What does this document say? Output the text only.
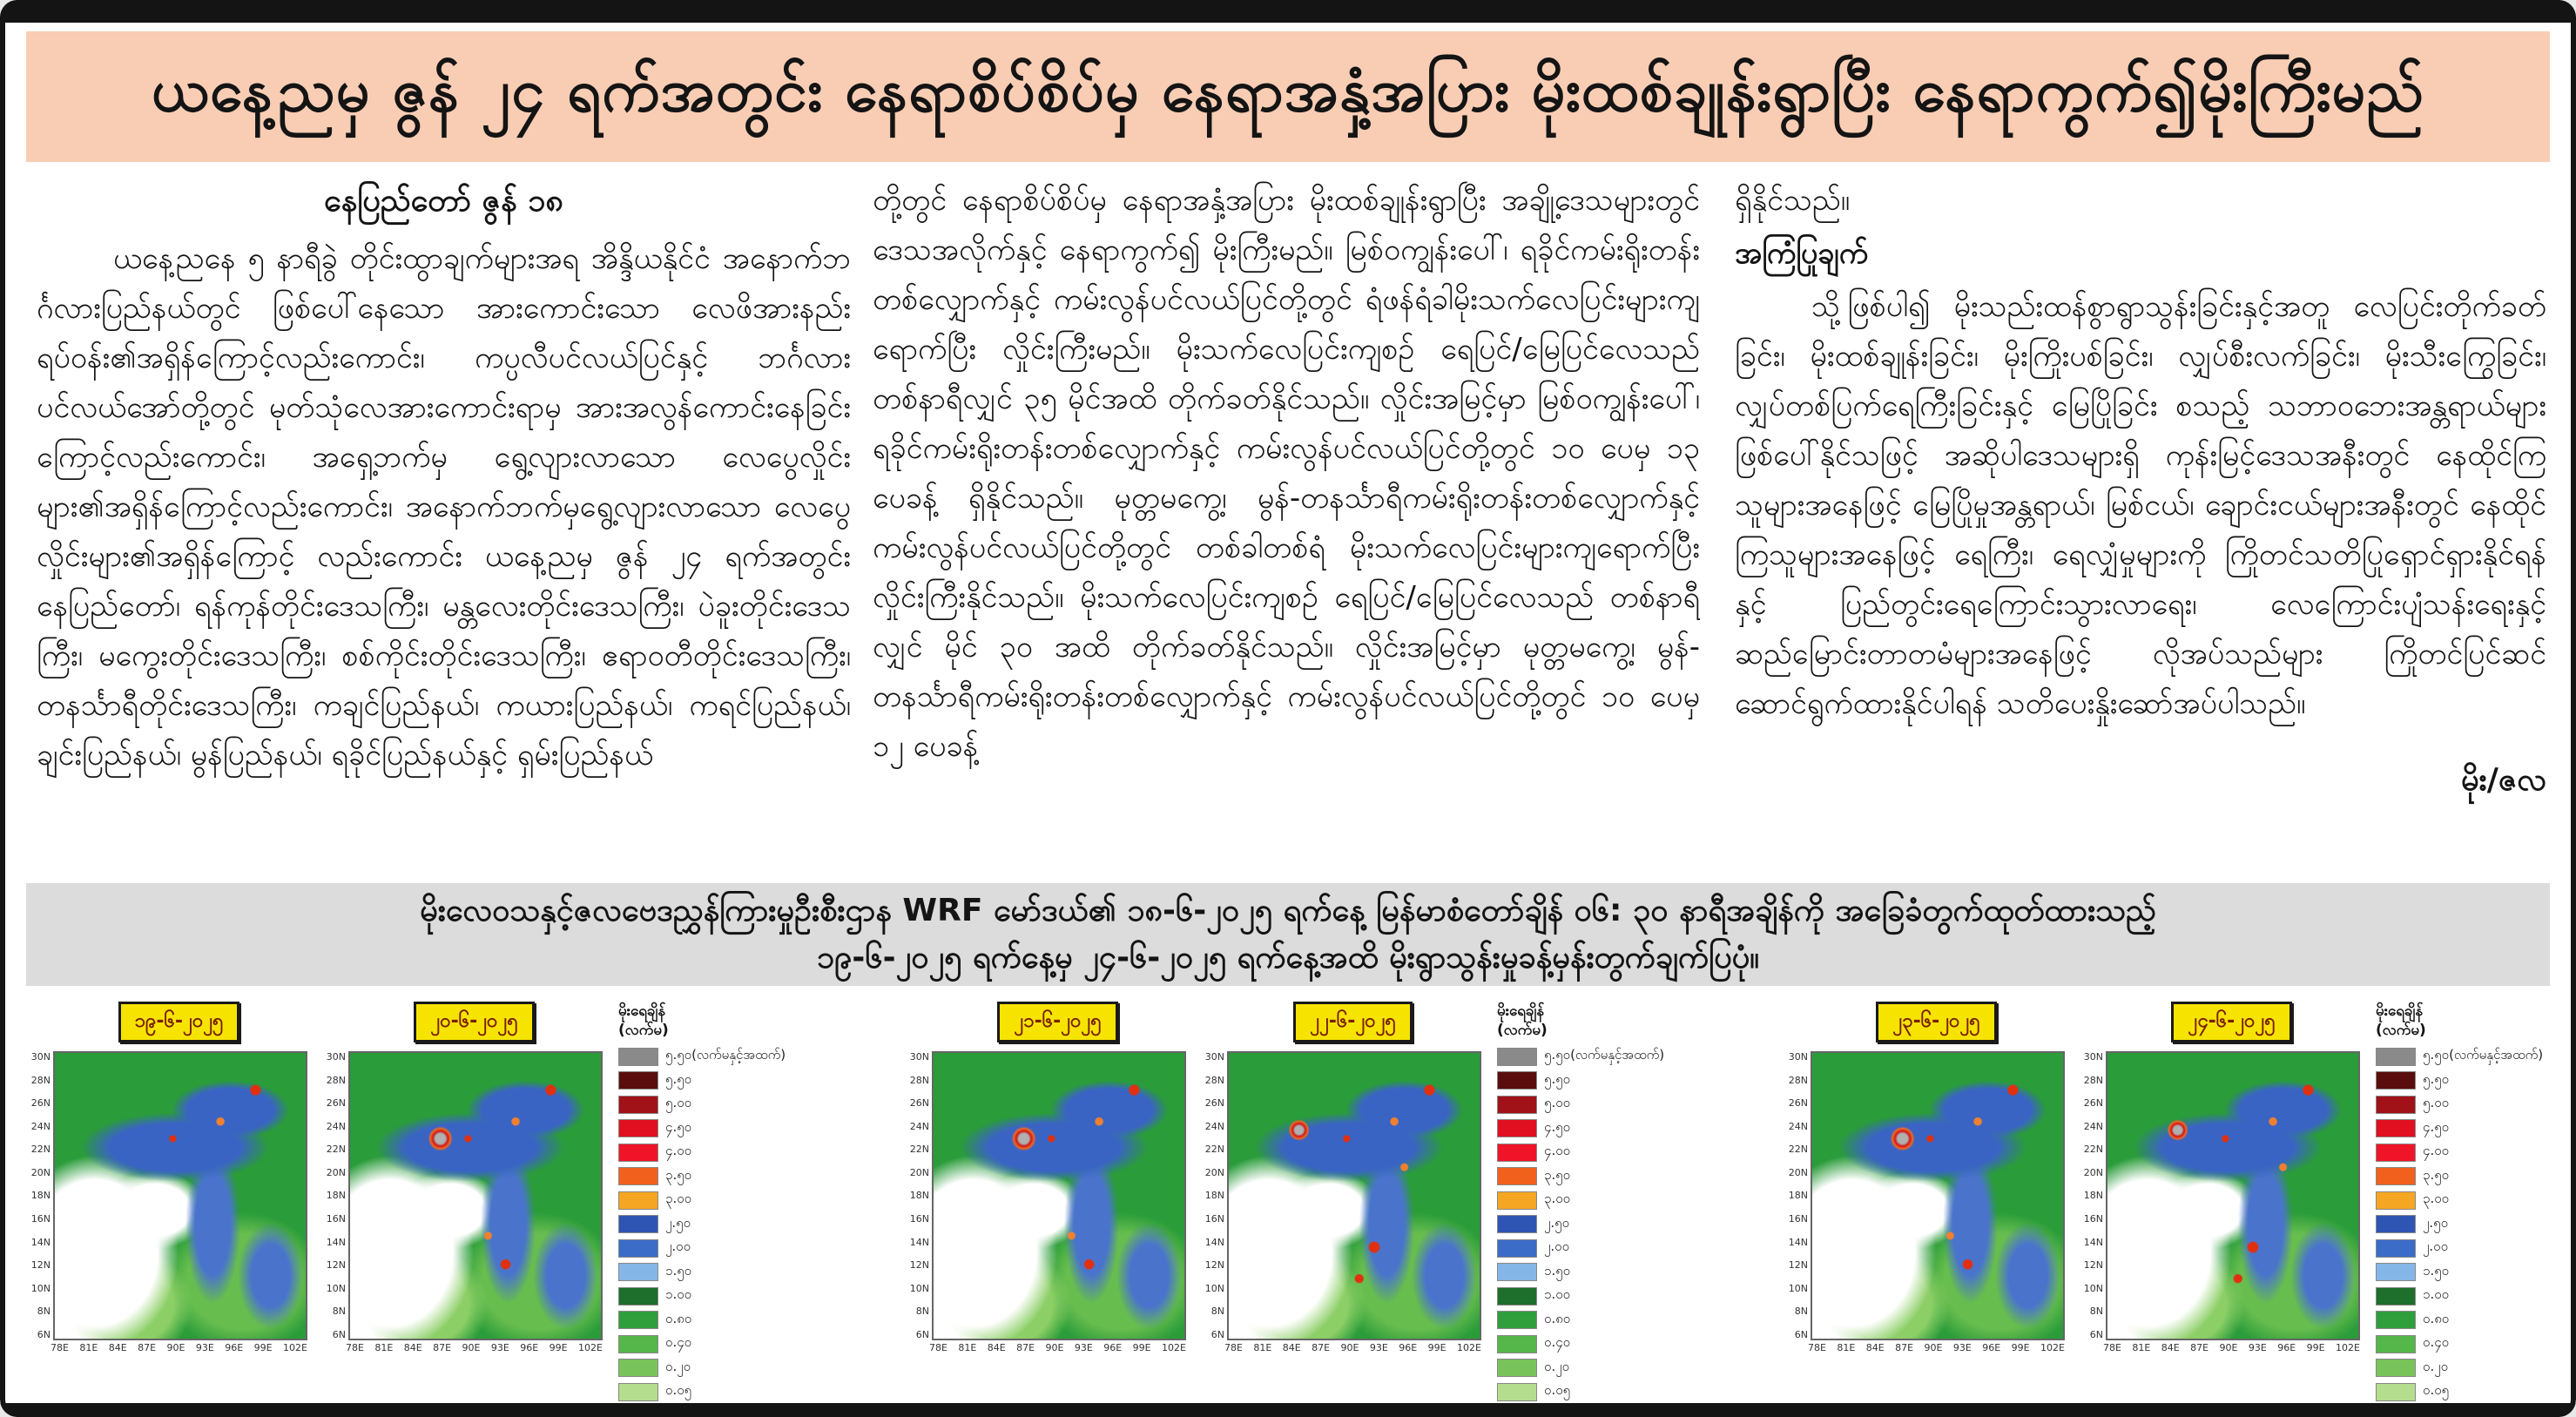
ယနေ့ညမှ ဇွန် ၂၄ ရက်အတွင်း နေရာစိပ်စိပ်မှ နေရာအနှံ့အပြား မိုးထစ်ချုန်းရွာပြီး နေရာကွက်၍မိုးကြီးမည်

နေပြည်တော် ဇွန် ၁၈

ယနေ့ညနေ ၅ နာရီခွဲ တိုင်းထွာချက်များအရ အိန္ဒိယနိုင်ငံ အနောက်ဘင်္ဂလားပြည်နယ်တွင် ဖြစ်ပေါ်နေသော အားကောင်းသော လေဖိအားနည်းရပ်ဝန်း၏အရှိန်ကြောင့်လည်းကောင်း၊ ကပ္ပလီပင်လယ်ပြင်နှင့် ဘင်္ဂလားပင်လယ်အော်တို့တွင် မုတ်သုံလေအားကောင်းရာမှ အားအလွန်ကောင်းနေခြင်းကြောင့်လည်းကောင်း၊ အရှေ့ဘက်မှ ရွေ့လျားလာသော လေပွေလှိုင်းများ၏အရှိန်ကြောင့်လည်းကောင်း၊ အနောက်ဘက်မှရွေ့လျားလာသော လေပွေလှိုင်းများ၏အရှိန်ကြောင့် လည်းကောင်း ယနေ့ညမှ ဇွန် ၂၄ ရက်အတွင်း နေပြည်တော်၊ ရန်ကုန်တိုင်းဒေသကြီး၊ မန္တလေးတိုင်းဒေသကြီး၊ ပဲခူးတိုင်းဒေသကြီး၊ မကွေးတိုင်းဒေသကြီး၊ စစ်ကိုင်းတိုင်းဒေသကြီး၊ ဧရာဝတီတိုင်းဒေသကြီး၊ တနင်္သာရီတိုင်းဒေသကြီး၊ ကချင်ပြည်နယ်၊ ကယားပြည်နယ်၊ ကရင်ပြည်နယ်၊ ချင်းပြည်နယ်၊ မွန်ပြည်နယ်၊ ရခိုင်ပြည်နယ်နှင့် ရှမ်းပြည်နယ်

တို့တွင် နေရာစိပ်စိပ်မှ နေရာအနှံ့အပြား မိုးထစ်ချုန်းရွာပြီး အချို့ဒေသများတွင် ဒေသအလိုက်နှင့် နေရာကွက်၍ မိုးကြီးမည်။ မြစ်ဝကျွန်းပေါ်၊ ရခိုင်ကမ်းရိုးတန်းတစ်လျှောက်နှင့် ကမ်းလွန်ပင်လယ်ပြင်တို့တွင် ရံဖန်ရံခါမိုးသက်လေပြင်းများကျရောက်ပြီး လှိုင်းကြီးမည်။ မိုးသက်လေပြင်းကျစဉ် ရေပြင်/မြေပြင်လေသည် တစ်နာရီလျှင် ၃၅ မိုင်အထိ တိုက်ခတ်နိုင်သည်။ လှိုင်းအမြင့်မှာ မြစ်ဝကျွန်းပေါ်၊ ရခိုင်ကမ်းရိုးတန်းတစ်လျှောက်နှင့် ကမ်းလွန်ပင်လယ်ပြင်တို့တွင် ၁၀ ပေမှ ၁၃ ပေခန့် ရှိနိုင်သည်။ မုတ္တမကွေ့၊ မွန်-တနင်္သာရီကမ်းရိုးတန်းတစ်လျှောက်နှင့် ကမ်းလွန်ပင်လယ်ပြင်တို့တွင် တစ်ခါတစ်ရံ မိုးသက်လေပြင်းများကျရောက်ပြီး လှိုင်းကြီးနိုင်သည်။ မိုးသက်လေပြင်းကျစဉ် ရေပြင်/မြေပြင်လေသည် တစ်နာရီလျှင် မိုင် ၃၀ အထိ တိုက်ခတ်နိုင်သည်။ လှိုင်းအမြင့်မှာ မုတ္တမကွေ့၊ မွန်-တနင်္သာရီကမ်းရိုးတန်းတစ်လျှောက်နှင့် ကမ်းလွန်ပင်လယ်ပြင်တို့တွင် ၁၀ ပေမှ ၁၂ ပေခန့်

ရှိနိုင်သည်။

အကြံပြုချက်

သို့ဖြစ်ပါ၍ မိုးသည်းထန်စွာရွာသွန်းခြင်းနှင့်အတူ လေပြင်းတိုက်ခတ်ခြင်း၊ မိုးထစ်ချုန်းခြင်း၊ မိုးကြိုးပစ်ခြင်း၊ လျှပ်စီးလက်ခြင်း၊ မိုးသီးကြွေခြင်း၊ လျှပ်တစ်ပြက်ရေကြီးခြင်းနှင့် မြေပြိုခြင်း စသည့် သဘာဝဘေးအန္တရာယ်များ ဖြစ်ပေါ်နိုင်သဖြင့် အဆိုပါဒေသများရှိ ကုန်းမြင့်ဒေသအနီးတွင် နေထိုင်ကြသူများအနေဖြင့် မြေပြိုမှုအန္တရာယ်၊ မြစ်ငယ်၊ ချောင်းငယ်များအနီးတွင် နေထိုင်ကြသူများအနေဖြင့် ရေကြီး၊ ရေလျှံမှုများကို ကြိုတင်သတိပြုရှောင်ရှားနိုင်ရန်နှင့် ပြည်တွင်းရေကြောင်းသွားလာရေး၊ လေကြောင်းပျံသန်းရေးနှင့် ဆည်မြောင်းတာတမံများအနေဖြင့် လိုအပ်သည်များ ကြိုတင်ပြင်ဆင်ဆောင်ရွက်ထားနိုင်ပါရန် သတိပေးနှိုးဆော်အပ်ပါသည်။

မိုး/ဇလ

မိုးလေဝသနှင့်ဇလဗေဒညွှန်ကြားမှုဦးစီးဌာန WRF မော်ဒယ်၏ ၁၈-၆-၂၀၂၅ ရက်နေ့ မြန်မာစံတော်ချိန် ၀၆: ၃၀ နာရီအချိန်ကို အခြေခံတွက်ထုတ်ထားသည့်
၁၉-၆-၂၀၂၅ ရက်နေ့မှ ၂၄-၆-၂၀၂၅ ရက်နေ့အထိ မိုးရွာသွန်းမှုခန့်မှန်းတွက်ချက်ပြပုံ။
၁၉-၆-၂၀၂၅
30N
28N
26N
24N
22N
20N
18N
16N
14N
12N
10N
8N
6N
78E 81E 84E 87E 90E 93E 96E 99E 102E
၂၀-၆-၂၀၂၅
30N
28N
26N
24N
22N
20N
18N
16N
14N
12N
10N
8N
6N
78E 81E 84E 87E 90E 93E 96E 99E 102E
မိုးရေချိန်
(လက်မ)
၅.၅၀(လက်မနှင့်အထက်)
၅.၅၀
၅.၀၀
၄.၅၀
၄.၀၀
၃.၅၀
၃.၀၀
၂.၅၀
၂.၀၀
၁.၅၀
၁.၀၀
၀.၈၀
၀.၄၀
၀.၂၀
၀.၀၅
၂၁-၆-၂၀၂၅
30N
28N
26N
24N
22N
20N
18N
16N
14N
12N
10N
8N
6N
78E 81E 84E 87E 90E 93E 96E 99E 102E
၂၂-၆-၂၀၂၅
30N
28N
26N
24N
22N
20N
18N
16N
14N
12N
10N
8N
6N
78E 81E 84E 87E 90E 93E 96E 99E 102E
မိုးရေချိန်
(လက်မ)
၅.၅၀(လက်မနှင့်အထက်)
၅.၅၀
၅.၀၀
၄.၅၀
၄.၀၀
၃.၅၀
၃.၀၀
၂.၅၀
၂.၀၀
၁.၅၀
၁.၀၀
၀.၈၀
၀.၄၀
၀.၂၀
၀.၀၅
၂၃-၆-၂၀၂၅
30N
28N
26N
24N
22N
20N
18N
16N
14N
12N
10N
8N
6N
78E 81E 84E 87E 90E 93E 96E 99E 102E
၂၄-၆-၂၀၂၅
30N
28N
26N
24N
22N
20N
18N
16N
14N
12N
10N
8N
6N
78E 81E 84E 87E 90E 93E 96E 99E 102E
မိုးရေချိန်
(လက်မ)
၅.၅၀(လက်မနှင့်အထက်)
၅.၅၀
၅.၀၀
၄.၅၀
၄.၀၀
၃.၅၀
၃.၀၀
၂.၅၀
၂.၀၀
၁.၅၀
၁.၀၀
၀.၈၀
၀.၄၀
၀.၂၀
၀.၀၅
